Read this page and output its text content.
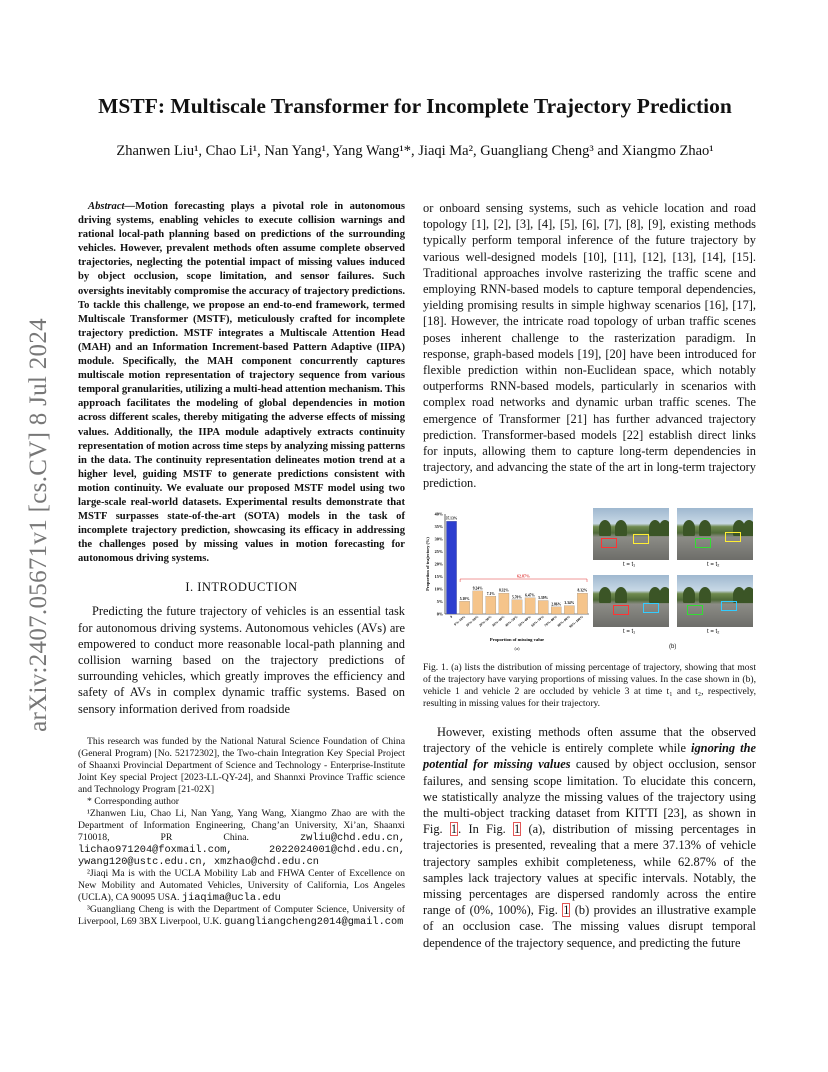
arXiv:2407.05671v1 [cs.CV] 8 Jul 2024
MSTF: Multiscale Transformer for Incomplete Trajectory Prediction

Zhanwen Liu¹, Chao Li¹, Nan Yang¹, Yang Wang¹*, Jiaqi Ma², Guangliang Cheng³ and Xiangmo Zhao¹

Abstract—Motion forecasting plays a pivotal role in autonomous driving systems, enabling vehicles to execute collision warnings and rational local-path planning based on predictions of the surrounding vehicles. However, prevalent methods often assume complete observed trajectories, neglecting the potential impact of missing values induced by object occlusion, scope limitation, and sensor failures. Such oversights inevitably compromise the accuracy of trajectory predictions. To tackle this challenge, we propose an end-to-end framework, termed Multiscale Transformer (MSTF), meticulously crafted for incomplete trajectory prediction. MSTF integrates a Multiscale Attention Head (MAH) and an Information Increment-based Pattern Adaptive (IIPA) module. Specifically, the MAH component concurrently captures multiscale motion representation of trajectory sequence from various temporal granularities, utilizing a multi-head attention mechanism. This approach facilitates the modeling of global dependencies in motion across different scales, thereby mitigating the adverse effects of missing values. Additionally, the IIPA module adaptively extracts continuity representation of motion across time steps by analyzing missing patterns in the data. The continuity representation delineates motion trend at a higher level, guiding MSTF to generate predictions consistent with motion continuity. We evaluate our proposed MSTF model using two large-scale real-world datasets. Experimental results demonstrate that MSTF surpasses state-of-the-art (SOTA) models in the task of incomplete trajectory prediction, showcasing its efficacy in addressing the challenges posed by missing values in motion forecasting for autonomous driving systems.

I. INTRODUCTION

Predicting the future trajectory of vehicles is an essential task for autonomous driving systems. Autonomous vehicles (AVs) are empowered to conduct more reasonable local-path planning and collision warning based on the trajectory predictions of surrounding vehicles, which greatly improves the efficiency and safety of AVs in complex dynamic traffic systems. Based on sensory information derived from roadside

This research was funded by the National Natural Science Foundation of China (General Program) [No. 52172302], the Two-chain Integration Key Special Project of Shaanxi Provincial Department of Science and Technology - Enterprise-Institute Joint Key special Project [2023-LL-QY-24], and Shannxi Province Traffic science and Technology Program [21-02X]

* Corresponding author

¹Zhanwen Liu, Chao Li, Nan Yang, Yang Wang, Xiangmo Zhao are with the Department of Information Engineering, Chang’an University, Xi’an, Shaanxi 710018, PR China.	zwliu@chd.edu.cn, lichao971204@foxmail.com, 2022024001@chd.edu.cn, ywang120@ustc.edu.cn, xmzhao@chd.edu.cn

²Jiaqi Ma is with the UCLA Mobility Lab and FHWA Center of Excellence on New Mobility and Automated Vehicles, University of California, Los Angeles (UCLA), CA 90095 USA. jiaqima@ucla.edu

³Guangliang Cheng is with the Department of Computer Science, University of Liverpool, L69 3BX Liverpool, U.K. guangliangcheng2014@gmail.com

or onboard sensing systems, such as vehicle location and road topology [1], [2], [3], [4], [5], [6], [7], [8], [9], existing methods typically perform temporal inference of the future trajectory by various well-designed models [10], [11], [12], [13], [14], [15]. Traditional approaches involve rasterizing the traffic scene and employing RNN-based models to capture temporal dependencies, yielding promising results in simple highway scenarios [16], [17], [18]. However, the intricate road topology of urban traffic scenes poses inherent challenge to the rasterization paradigm. In response, graph-based models [19], [20] have been introduced for flexible prediction within non-Euclidean space, which notably outperforms RNN-based models, particularly in scenarios with complex road networks and dynamic urban traffic scenes. The emergence of Transformer [21] has further advanced trajectory prediction. Transformer-based models [22] establish direct links for inputs, allowing them to capture long-term dependencies in trajectory, and advancing the state of the art in long-term trajectory prediction.

0%
5%
10%
15%
20%
25%
30%
35%
40%
37.13%
0
5.10%
0%~10%
9.24%
10%~20%
7.1%
20%~30%
8.32%
30%~40%
5.70%
40%~50%
6.47%
50%~60%
5.39%
60%~70%
2.86%
70%~80%
3.34%
80%~90%
8.32%
90%~100%
62.87%
Proportion of missing value
Proportion of trajectory (%)
(a)
t = t₁	t = t₂
t = t₁	t = t₂
(b)

Fig. 1. (a) lists the distribution of missing percentage of trajectory, showing that most of the trajectory have varying proportions of missing values. In the case shown in (b), vehicle 1 and vehicle 2 are occluded by vehicle 3 at time t₁ and t₂, respectively, resulting in missing values for their trajectory.

However, existing methods often assume that the observed trajectory of the vehicle is entirely complete while ignoring the potential for missing values caused by object occlusion, sensor failures, and sensing scope limitation. To elucidate this concern, we statistically analyze the missing values of the trajectory using the multi-object tracking dataset from KITTI [23], as shown in Fig. 1. In Fig. 1 (a), distribution of missing percentages in trajectories is presented, revealing that a mere 37.13% of vehicle trajectory samples exhibit completeness, while 62.87% of the samples lack trajectory values at specific intervals. Notably, the missing percentages are dispersed randomly across the entire range of (0%, 100%), Fig. 1 (b) provides an illustrative example of an occlusion case. The missing values disrupt temporal dependence of the trajectory sequence, and predicting the future
